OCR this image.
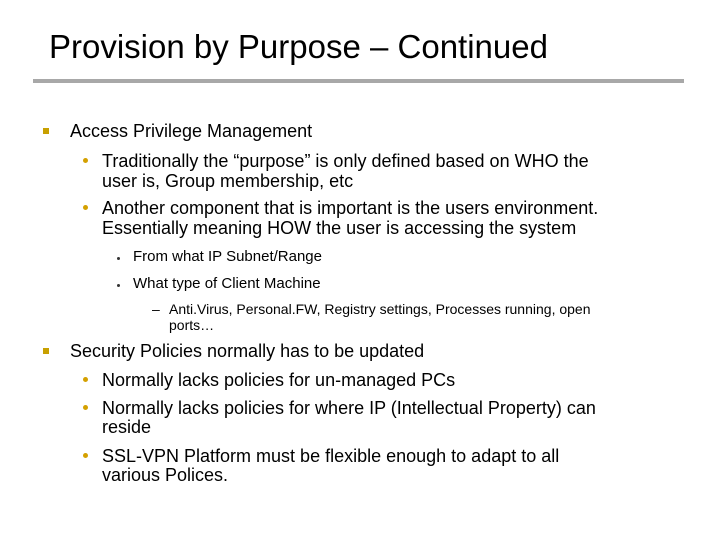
Provision by Purpose – Continued
Access Privilege Management
Traditionally the “purpose” is only defined based on WHO the
user is, Group membership, etc
Another component that is important is the users environment.
Essentially meaning HOW the user is accessing the system
From what IP Subnet/Range
What type of Client Machine
– Anti.Virus, Personal.FW, Registry settings, Processes running, open
ports…
Security Policies normally has to be updated
Normally lacks policies for un-managed PCs
Normally lacks policies for where IP (Intellectual Property) can
reside
SSL-VPN Platform must be flexible enough to adapt to all
various Polices.
